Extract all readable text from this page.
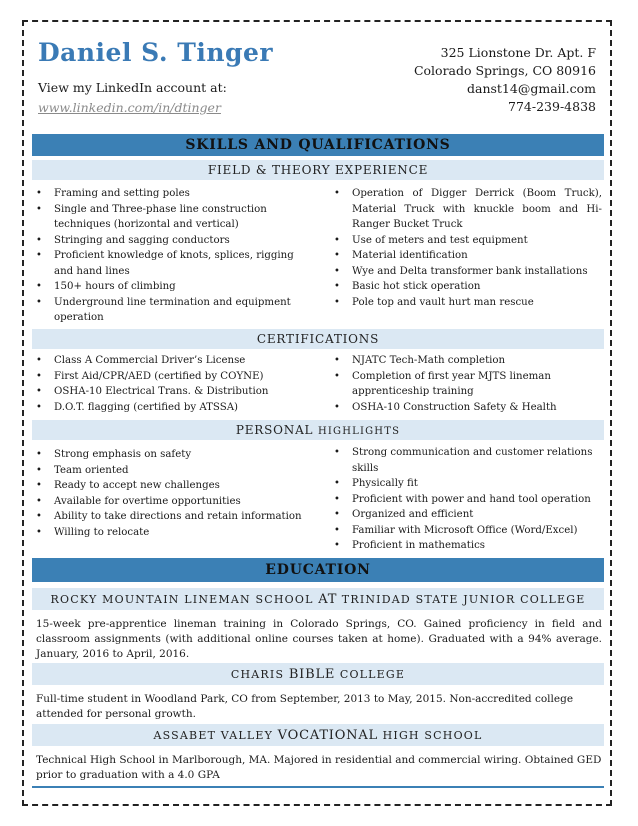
Daniel S. Tinger
View my LinkedIn account at:
www.linkedin.com/in/dtinger
325 Lionstone Dr. Apt. F
Colorado Springs, CO 80916
danst14@gmail.com
774-239-4838
SKILLS AND QUALIFICATIONS
FIELD & THEORY EXPERIENCE
• Framing and setting poles
• Single and Three-phase line construction techniques (horizontal and vertical)
• Stringing and sagging conductors
• Proficient knowledge of knots, splices, rigging and hand lines
• 150+ hours of climbing
• Underground line termination and equipment operation
• Operation of Digger Derrick (Boom Truck), Material Truck with knuckle boom and Hi-Ranger Bucket Truck
• Use of meters and test equipment
• Material identification
• Wye and Delta transformer bank installations
• Basic hot stick operation
• Pole top and vault hurt man rescue
CERTIFICATIONS
• Class A Commercial Driver’s License
• First Aid/CPR/AED (certified by COYNE)
• OSHA-10 Electrical Trans. & Distribution
• D.O.T. flagging (certified by ATSSA)
• NJATC Tech-Math completion
• Completion of first year MJTS lineman apprenticeship training
• OSHA-10 Construction Safety & Health
PERSONAL HIGHLIGHTS
• Strong emphasis on safety
• Team oriented
• Ready to accept new challenges
• Available for overtime opportunities
• Ability to take directions and retain information
• Willing to relocate
• Strong communication and customer relations skills
• Physically fit
• Proficient with power and hand tool operation
• Organized and efficient
• Familiar with Microsoft Office (Word/Excel)
• Proficient in mathematics
EDUCATION
ROCKY MOUNTAIN LINEMAN SCHOOL AT TRINIDAD STATE JUNIOR COLLEGE
15-week pre-apprentice lineman training in Colorado Springs, CO. Gained proficiency in field and classroom assignments (with additional online courses taken at home). Graduated with a 94% average. January, 2016 to April, 2016.
CHARIS BIBLE COLLEGE
Full-time student in Woodland Park, CO from September, 2013 to May, 2015. Non-accredited college attended for personal growth.
ASSABET VALLEY VOCATIONAL HIGH SCHOOL
Technical High School in Marlborough, MA. Majored in residential and commercial wiring. Obtained GED prior to graduation with a 4.0 GPA
